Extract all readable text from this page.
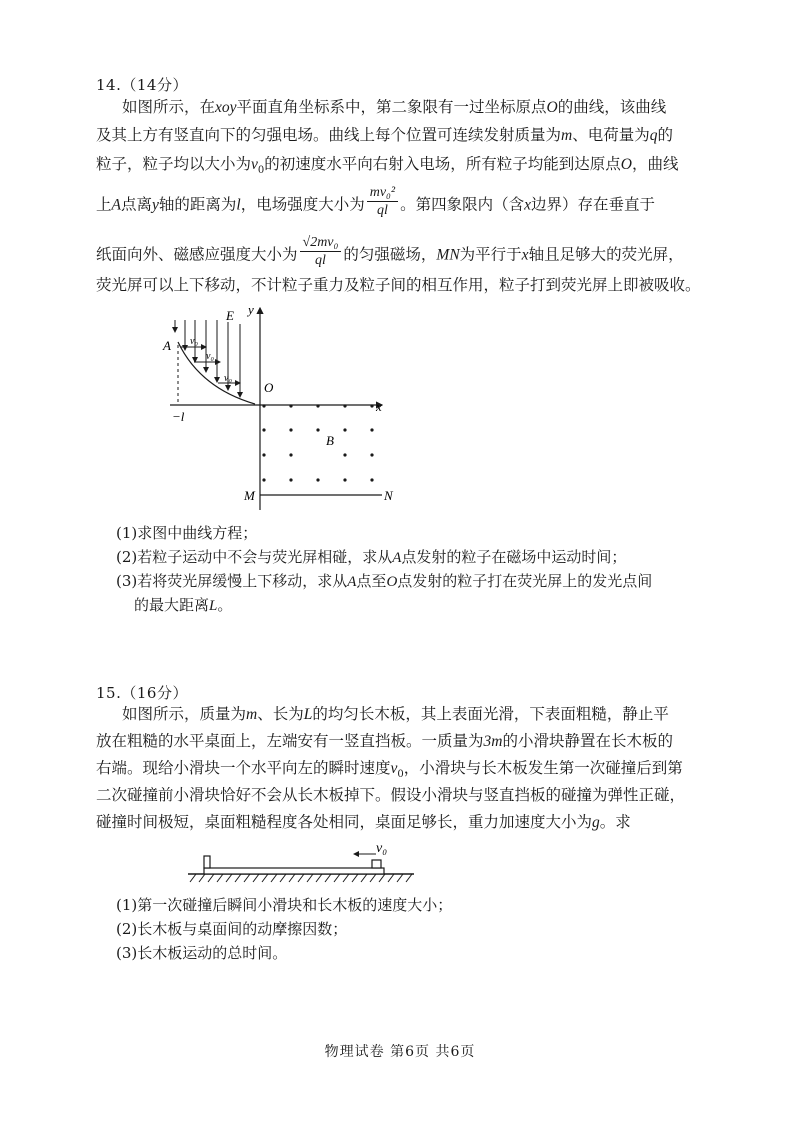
14.（14分）
如图所示，在xoy平面直角坐标系中，第二象限有一过坐标原点O的曲线，该曲线
及其上方有竖直向下的匀强电场。曲线上每个位置可连续发射质量为m、电荷量为q的
粒子，粒子均以大小为$v_0$的初速度水平向右射入电场，所有粒子均能到达原点O，曲线
上A点离y轴的距离为l，电场强度大小为 $\frac{\text{mv₀²}}{ql}$ 。第四象限内（含x边界）存在垂直于
纸面向外、磁感应强度大小为 $\frac{\text{√2mv₀}}{ql}$ 的匀强磁场，MN为平行于x轴且足够大的荧光屏，
荧光屏可以上下移动，不计粒子重力及粒子间的相互作用，粒子打到荧光屏上即被吸收。
y
E
A v₀
v₀
v₀
O
−l
x
B
M	N
(1)求图中曲线方程；
(2)若粒子运动中不会与荧光屏相碰，求从A点发射的粒子在磁场中运动时间；
(3)若将荧光屏缓慢上下移动，求从A点至O点发射的粒子打在荧光屏上的发光点间
的最大距离L。
15.（16分）
如图所示，质量为m、长为L的均匀长木板，其上表面光滑，下表面粗糙，静止平
放在粗糙的水平桌面上，左端安有一竖直挡板。一质量为3m的小滑块静置在长木板的
右端。现给小滑块一个水平向左的瞬时速度$v_0$，小滑块与长木板发生第一次碰撞后到第
二次碰撞前小滑块恰好不会从长木板掉下。假设小滑块与竖直挡板的碰撞为弹性正碰，
碰撞时间极短，桌面粗糙程度各处相同，桌面足够长，重力加速度大小为g。求
v₀
(1)第一次碰撞后瞬间小滑块和长木板的速度大小；
(2)长木板与桌面间的动摩擦因数；
(3)长木板运动的总时间。
物理试卷 第6页 共6页
